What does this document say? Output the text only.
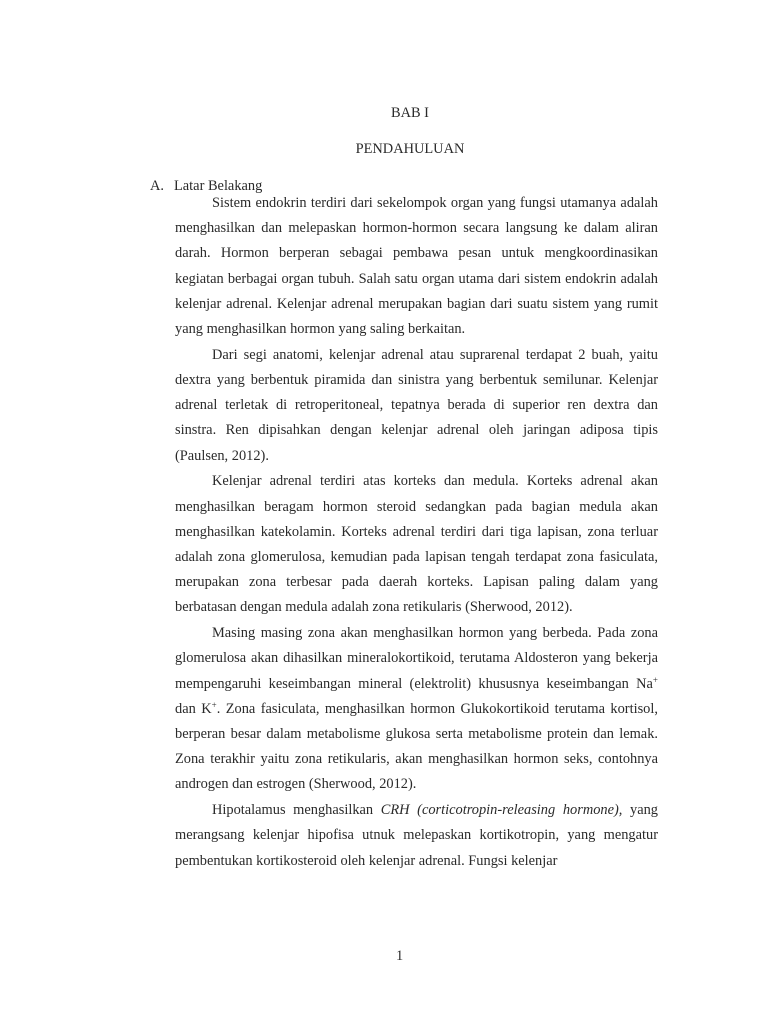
BAB I
PENDAHULUAN
A. Latar Belakang

Sistem endokrin terdiri dari sekelompok organ yang fungsi utamanya adalah menghasilkan dan melepaskan hormon-hormon secara langsung ke dalam aliran darah. Hormon berperan sebagai pembawa pesan untuk mengkoordinasikan kegiatan berbagai organ tubuh. Salah satu organ utama dari sistem endokrin adalah kelenjar adrenal. Kelenjar adrenal merupakan bagian dari suatu sistem yang rumit yang menghasilkan hormon yang saling berkaitan.

Dari segi anatomi, kelenjar adrenal atau suprarenal terdapat 2 buah, yaitu dextra yang berbentuk piramida dan sinistra yang berbentuk semilunar. Kelenjar adrenal terletak di retroperitoneal, tepatnya berada di superior ren dextra dan sinstra. Ren dipisahkan dengan kelenjar adrenal oleh jaringan adiposa tipis (Paulsen, 2012).

Kelenjar adrenal terdiri atas korteks dan medula. Korteks adrenal akan menghasilkan beragam hormon steroid sedangkan pada bagian medula akan menghasilkan katekolamin. Korteks adrenal terdiri dari tiga lapisan, zona terluar adalah zona glomerulosa, kemudian pada lapisan tengah terdapat zona fasiculata, merupakan zona terbesar pada daerah korteks. Lapisan paling dalam yang berbatasan dengan medula adalah zona retikularis (Sherwood, 2012).

Masing masing zona akan menghasilkan hormon yang berbeda. Pada zona glomerulosa akan dihasilkan mineralokortikoid, terutama Aldosteron yang bekerja mempengaruhi keseimbangan mineral (elektrolit) khususnya keseimbangan Na+ dan K+. Zona fasiculata, menghasilkan hormon Glukokortikoid terutama kortisol, berperan besar dalam metabolisme glukosa serta metabolisme protein dan lemak. Zona terakhir yaitu zona retikularis, akan menghasilkan hormon seks, contohnya androgen dan estrogen (Sherwood, 2012).

Hipotalamus menghasilkan CRH (corticotropin-releasing hormone), yang merangsang kelenjar hipofisa utnuk melepaskan kortikotropin, yang mengatur pembentukan kortikosteroid oleh kelenjar adrenal. Fungsi kelenjar

1
